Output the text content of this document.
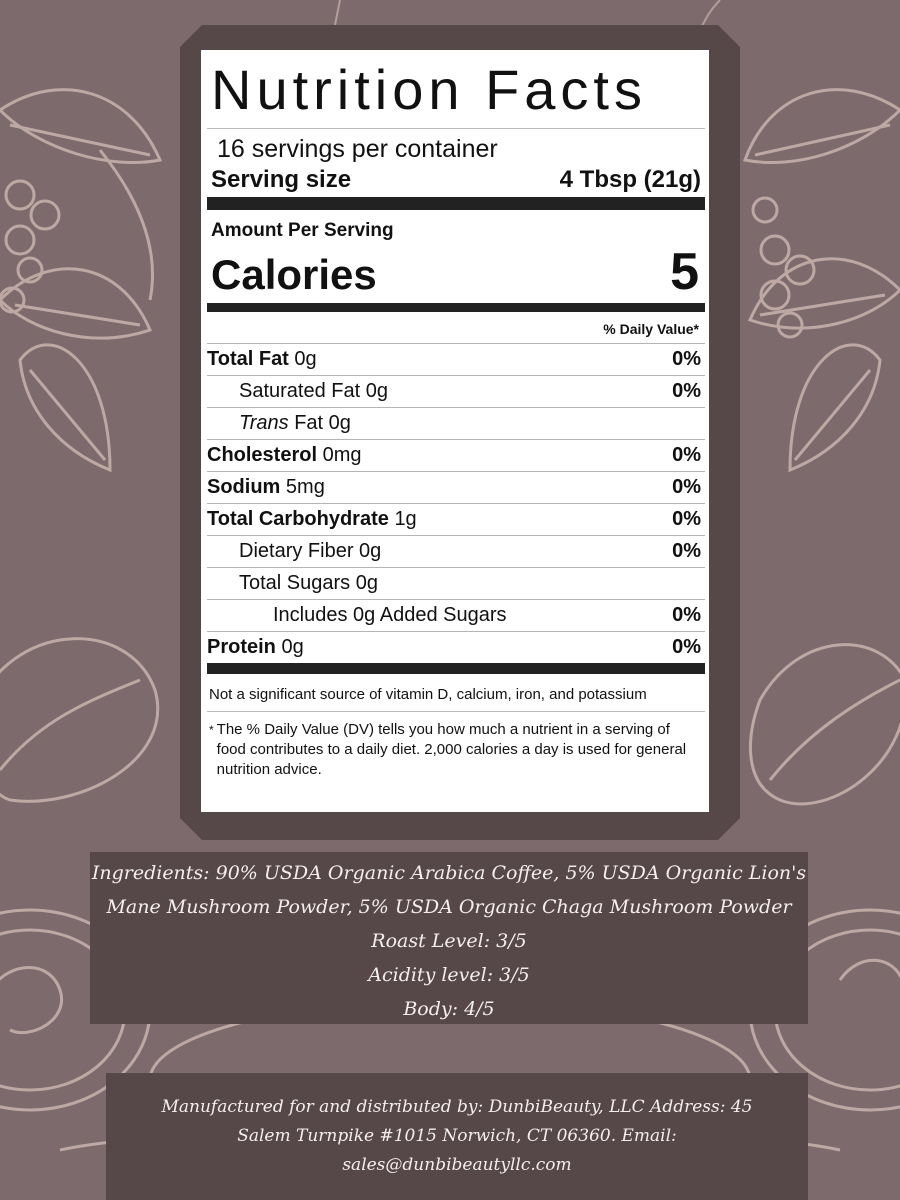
Nutrition Facts
16 servings per container
Serving size	4 Tbsp (21g)
Amount Per Serving
Calories	5
% Daily Value*
Total Fat 0g	0%
Saturated Fat 0g	0%
Trans Fat 0g
Cholesterol 0mg	0%
Sodium 5mg	0%
Total Carbohydrate 1g	0%
Dietary Fiber 0g	0%
Total Sugars 0g
Includes 0g Added Sugars	0%
Protein 0g	0%
Not a significant source of vitamin D, calcium, iron, and potassium
* The % Daily Value (DV) tells you how much a nutrient in a serving of food contributes to a daily diet. 2,000 calories a day is used for general nutrition advice.
Ingredients: 90% USDA Organic Arabica Coffee, 5% USDA Organic Lion's
Mane Mushroom Powder, 5% USDA Organic Chaga Mushroom Powder
Roast Level: 3/5
Acidity level: 3/5
Body: 4/5
Manufactured for and distributed by: DunbiBeauty, LLC Address: 45
Salem Turnpike #1015 Norwich, CT 06360. Email:
sales@dunbibeautyllc.com
